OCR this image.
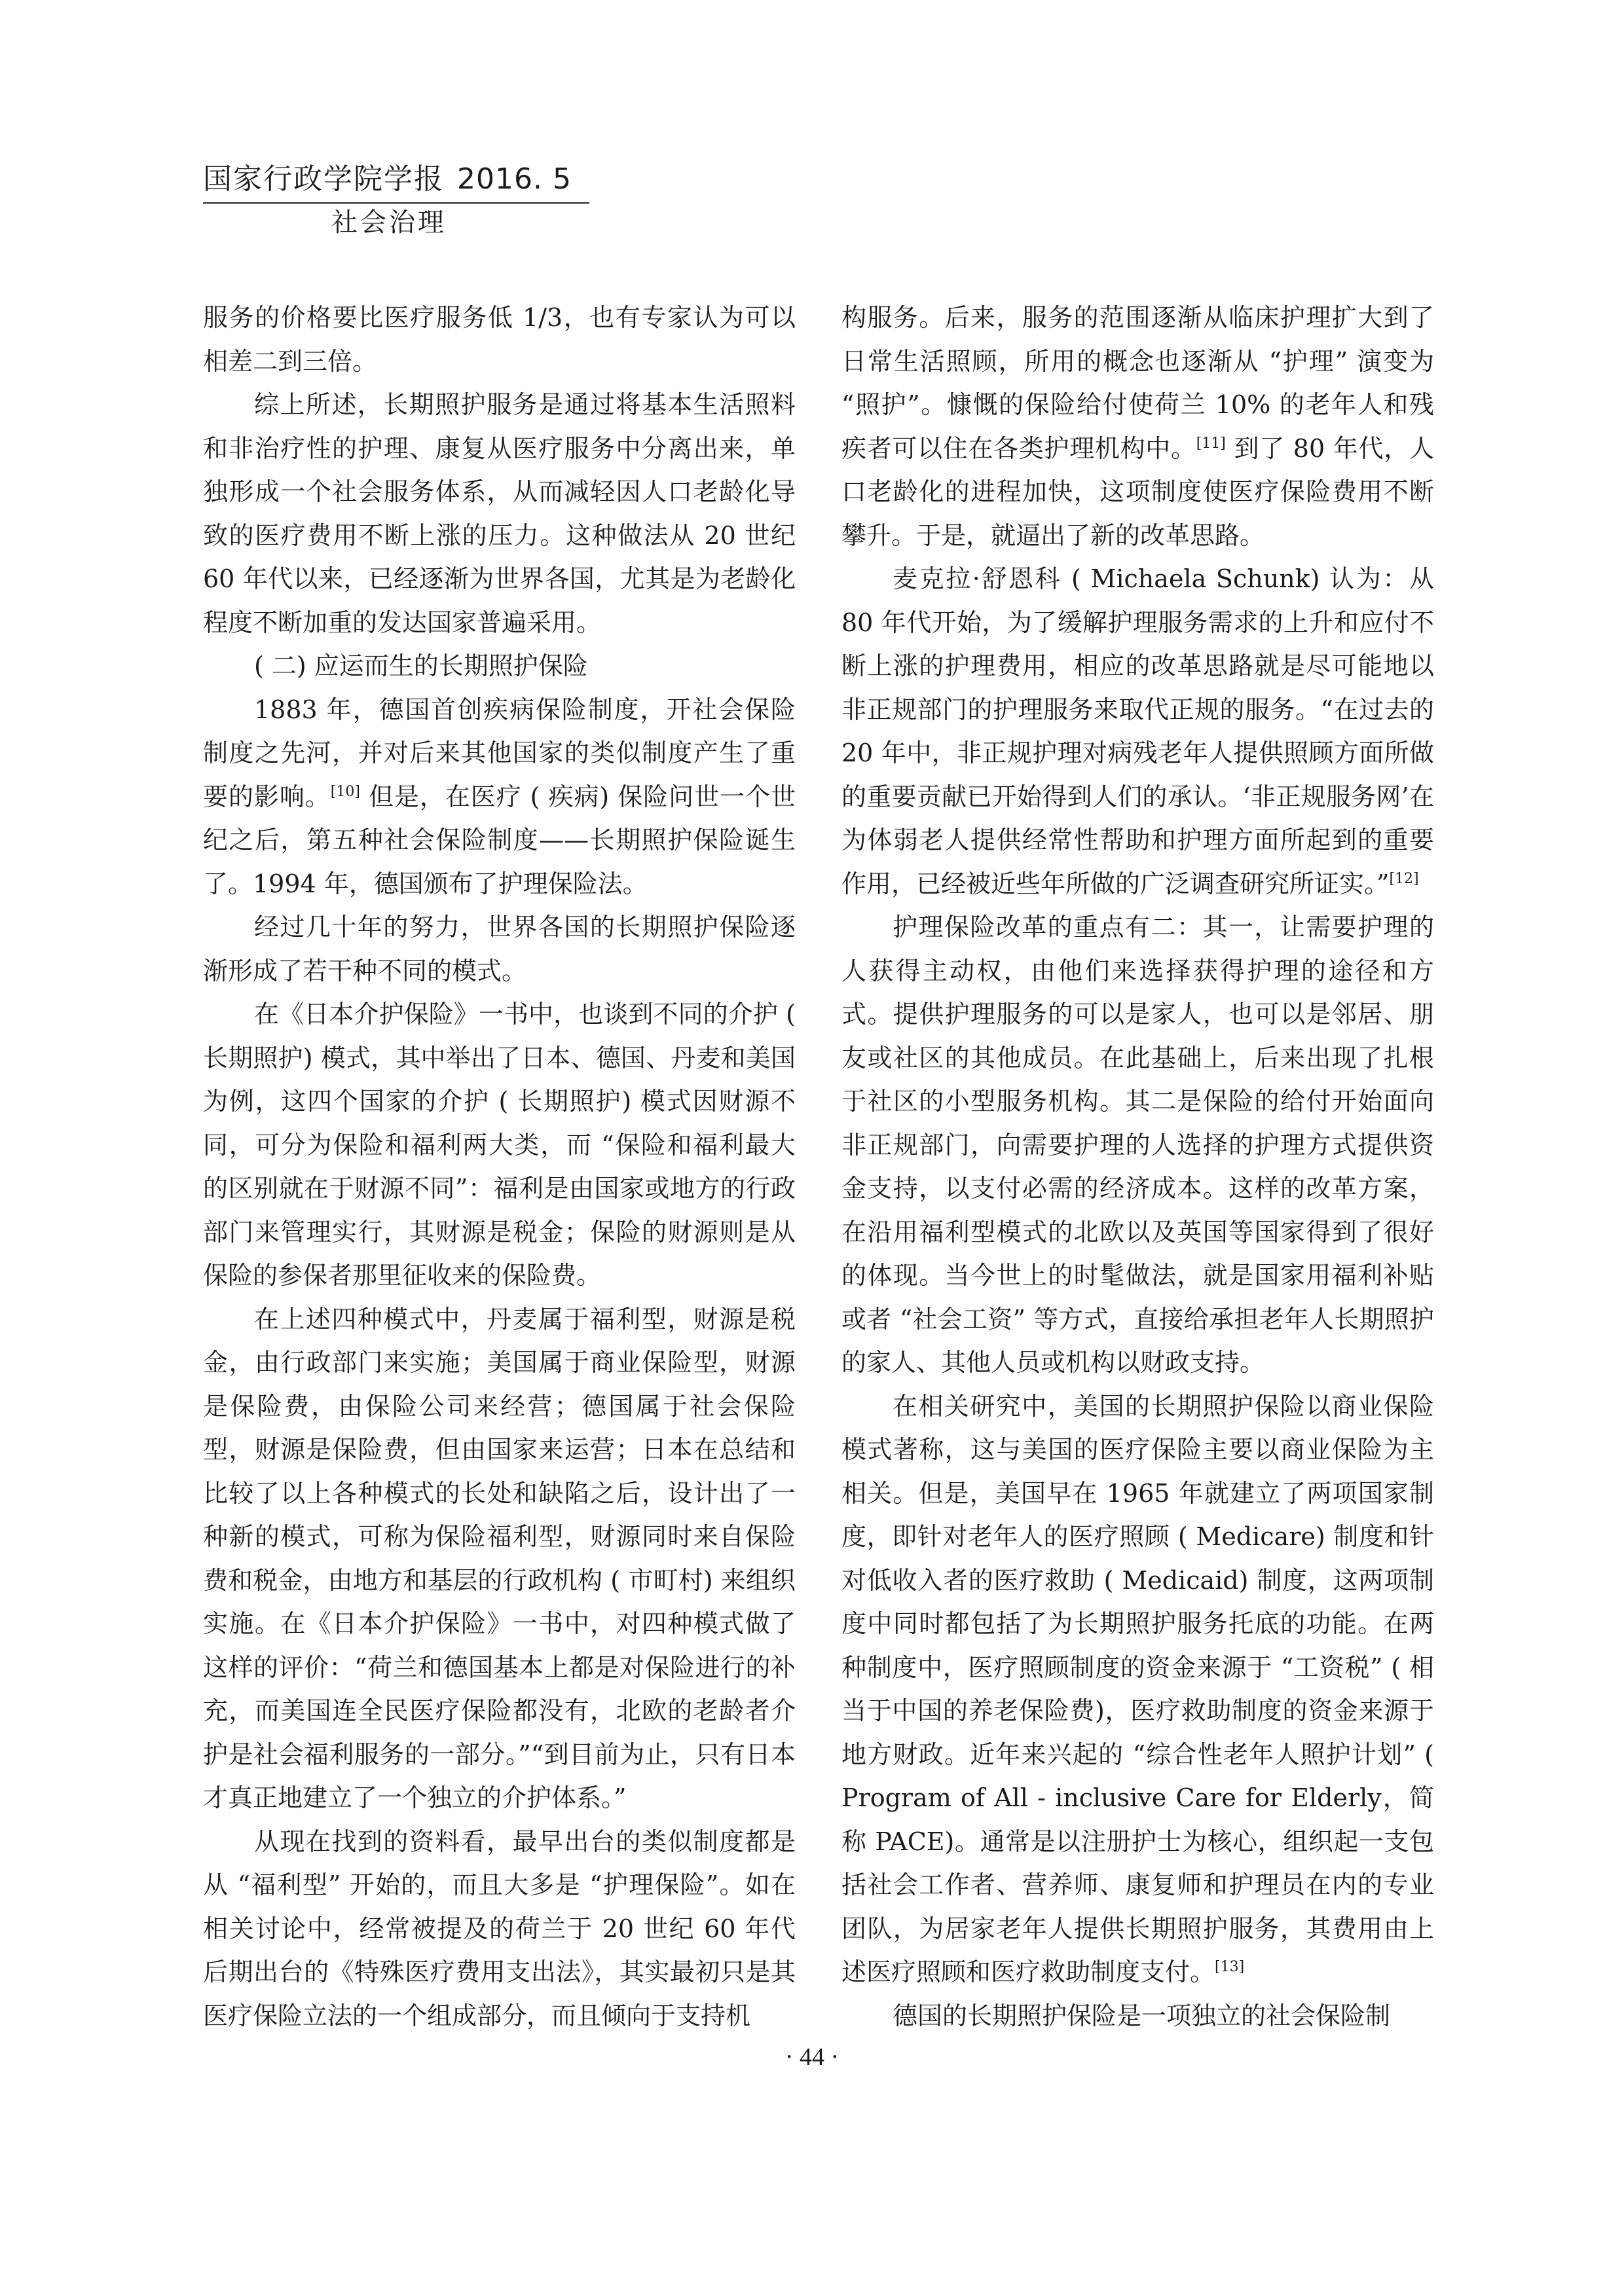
国家行政学院学报 2016. 5
社会治理

服务的价格要比医疗服务低 1/3，也有专家认为可以相差二到三倍。

综上所述，长期照护服务是通过将基本生活照料和非治疗性的护理、康复从医疗服务中分离出来，单独形成一个社会服务体系，从而减轻因人口老龄化导致的医疗费用不断上涨的压力。这种做法从 20 世纪 60 年代以来，已经逐渐为世界各国，尤其是为老龄化程度不断加重的发达国家普遍采用。

( 二) 应运而生的长期照护保险

1883 年，德国首创疾病保险制度，开社会保险制度之先河，并对后来其他国家的类似制度产生了重要的影响。[10] 但是，在医疗 ( 疾病) 保险问世一个世纪之后，第五种社会保险制度——长期照护保险诞生了。1994 年，德国颁布了护理保险法。

经过几十年的努力，世界各国的长期照护保险逐渐形成了若干种不同的模式。

在《日本介护保险》一书中，也谈到不同的介护 ( 长期照护) 模式，其中举出了日本、德国、丹麦和美国为例，这四个国家的介护 ( 长期照护) 模式因财源不同，可分为保险和福利两大类，而 “保险和福利最大的区别就在于财源不同”：福利是由国家或地方的行政部门来管理实行，其财源是税金；保险的财源则是从保险的参保者那里征收来的保险费。

在上述四种模式中，丹麦属于福利型，财源是税金，由行政部门来实施；美国属于商业保险型，财源是保险费，由保险公司来经营；德国属于社会保险型，财源是保险费，但由国家来运营；日本在总结和比较了以上各种模式的长处和缺陷之后，设计出了一种新的模式，可称为保险福利型，财源同时来自保险费和税金，由地方和基层的行政机构 ( 市町村) 来组织实施。在《日本介护保险》一书中，对四种模式做了这样的评价：“荷兰和德国基本上都是对保险进行的补充，而美国连全民医疗保险都没有，北欧的老龄者介护是社会福利服务的一部分。”“到目前为止，只有日本才真正地建立了一个独立的介护体系。”

从现在找到的资料看，最早出台的类似制度都是从 “福利型” 开始的，而且大多是 “护理保险”。如在相关讨论中，经常被提及的荷兰于 20 世纪 60 年代后期出台的《特殊医疗费用支出法》，其实最初只是其医疗保险立法的一个组成部分，而且倾向于支持机

构服务。后来，服务的范围逐渐从临床护理扩大到了日常生活照顾，所用的概念也逐渐从 “护理” 演变为 “照护”。慷慨的保险给付使荷兰 10% 的老年人和残疾者可以住在各类护理机构中。[11] 到了 80 年代，人口老龄化的进程加快，这项制度使医疗保险费用不断攀升。于是，就逼出了新的改革思路。

麦克拉·舒恩科 ( Michaela Schunk) 认为：从 80 年代开始，为了缓解护理服务需求的上升和应付不断上涨的护理费用，相应的改革思路就是尽可能地以非正规部门的护理服务来取代正规的服务。“在过去的 20 年中，非正规护理对病残老年人提供照顾方面所做的重要贡献已开始得到人们的承认。‘非正规服务网’在为体弱老人提供经常性帮助和护理方面所起到的重要作用，已经被近些年所做的广泛调查研究所证实。”[12]

护理保险改革的重点有二：其一，让需要护理的人获得主动权，由他们来选择获得护理的途径和方式。提供护理服务的可以是家人，也可以是邻居、朋友或社区的其他成员。在此基础上，后来出现了扎根于社区的小型服务机构。其二是保险的给付开始面向非正规部门，向需要护理的人选择的护理方式提供资金支持，以支付必需的经济成本。这样的改革方案，在沿用福利型模式的北欧以及英国等国家得到了很好的体现。当今世上的时髦做法，就是国家用福利补贴或者 “社会工资” 等方式，直接给承担老年人长期照护的家人、其他人员或机构以财政支持。

在相关研究中，美国的长期照护保险以商业保险模式著称，这与美国的医疗保险主要以商业保险为主相关。但是，美国早在 1965 年就建立了两项国家制度，即针对老年人的医疗照顾 ( Medicare) 制度和针对低收入者的医疗救助 ( Medicaid) 制度，这两项制度中同时都包括了为长期照护服务托底的功能。在两种制度中，医疗照顾制度的资金来源于 “工资税” ( 相当于中国的养老保险费)，医疗救助制度的资金来源于地方财政。近年来兴起的 “综合性老年人照护计划” ( Program of All - inclusive Care for Elderly，简称 PACE)。通常是以注册护士为核心，组织起一支包括社会工作者、营养师、康复师和护理员在内的专业团队，为居家老年人提供长期照护服务，其费用由上述医疗照顾和医疗救助制度支付。[13]

德国的长期照护保险是一项独立的社会保险制

· 44 ·
